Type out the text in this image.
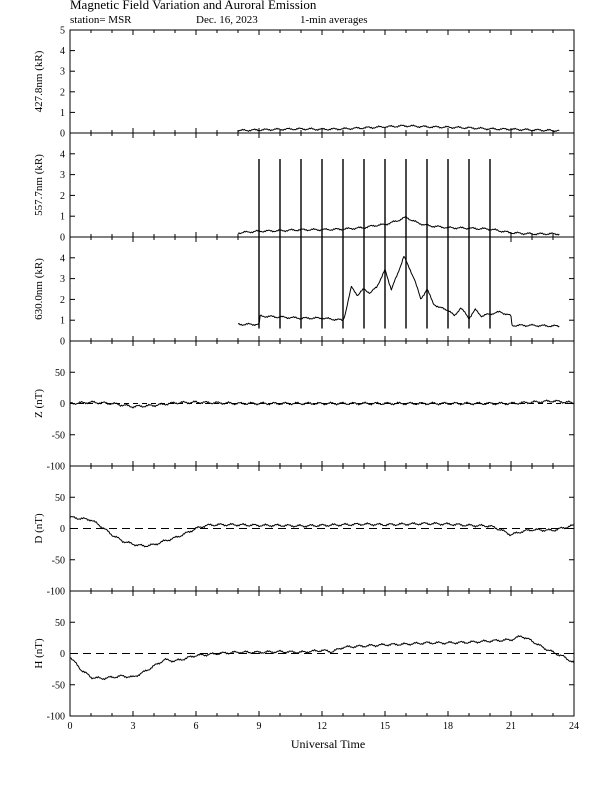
Magnetic Field Variation and Auroral Emission
station= MSR	Dec. 16, 2023	1-min averages
0
1
2
3
4
5
427.8nm (kR)
0
1
2
3
4
557.7nm (kR)
0
1
2
3
4
630.0nm (kR)
-100
-50
0
50
Z (nT)
-100
-50
0
50
D (nT)
-100
-50
0
50
H (nT)
0	3	6	9	12	15	18	21	24
Universal Time
